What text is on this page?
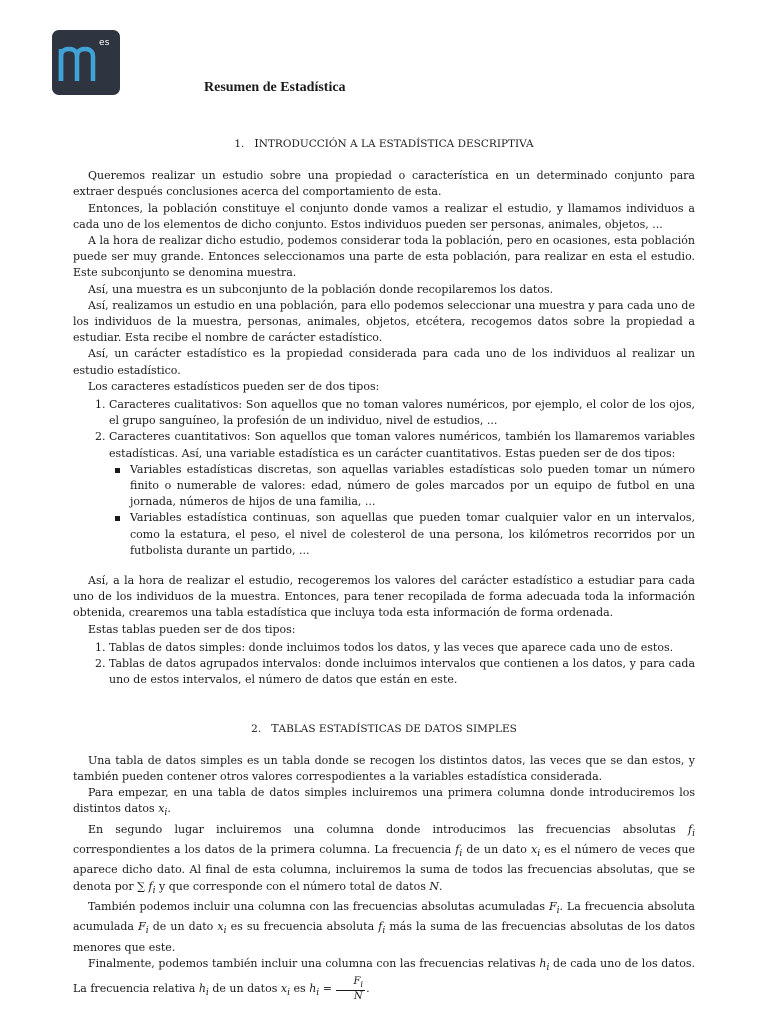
es
Resumen de Estadística
1. INTRODUCCIÓN A LA ESTADÍSTICA DESCRIPTIVA

Queremos realizar un estudio sobre una propiedad o característica en un determinado conjunto para extraer después conclusiones acerca del comportamiento de esta.

Entonces, la población constituye el conjunto donde vamos a realizar el estudio, y llamamos individuos a cada uno de los elementos de dicho conjunto. Estos individuos pueden ser personas, animales, objetos, ...

A la hora de realizar dicho estudio, podemos considerar toda la población, pero en ocasiones, esta población puede ser muy grande. Entonces seleccionamos una parte de esta población, para realizar en esta el estudio. Este subconjunto se denomina muestra.

Así, una muestra es un subconjunto de la población donde recopilaremos los datos.

Así, realizamos un estudio en una población, para ello podemos seleccionar una muestra y para cada uno de los individuos de la muestra, personas, animales, objetos, etcétera, recogemos datos sobre la propiedad a estudiar. Esta recibe el nombre de carácter estadístico.

Así, un carácter estadístico es la propiedad considerada para cada uno de los individuos al realizar un estudio estadístico.

Los caracteres estadísticos pueden ser de dos tipos:

1. Caracteres cualitativos: Son aquellos que no toman valores numéricos, por ejemplo, el color de los ojos, el grupo sanguíneo, la profesión de un individuo, nivel de estudios, ...
2. Caracteres cuantitativos: Son aquellos que toman valores numéricos, también los llamaremos variables estadísticas. Así, una variable estadística es un carácter cuantitativos. Estas pueden ser de dos tipos:
Variables estadísticas discretas, son aquellas variables estadísticas solo pueden tomar un número finito o numerable de valores: edad, número de goles marcados por un equipo de futbol en una jornada, números de hijos de una familia, ...
Variables estadística continuas, son aquellas que pueden tomar cualquier valor en un intervalos, como la estatura, el peso, el nivel de colesterol de una persona, los kilómetros recorridos por un futbolista durante un partido, ...

Así, a la hora de realizar el estudio, recogeremos los valores del carácter estadístico a estudiar para cada uno de los individuos de la muestra. Entonces, para tener recopilada de forma adecuada toda la información obtenida, crearemos una tabla estadística que incluya toda esta información de forma ordenada.

Estas tablas pueden ser de dos tipos:

1. Tablas de datos simples: donde incluimos todos los datos, y las veces que aparece cada uno de estos.
2. Tablas de datos agrupados intervalos: donde incluimos intervalos que contienen a los datos, y para cada uno de estos intervalos, el número de datos que están en este.
2. TABLAS ESTADÍSTICAS DE DATOS SIMPLES

Una tabla de datos simples es un tabla donde se recogen los distintos datos, las veces que se dan estos, y también pueden contener otros valores correspodientes a la variables estadística considerada.

Para empezar, en una tabla de datos simples incluiremos una primera columna donde introduciremos los distintos datos $x_i$.

En segundo lugar incluiremos una columna donde introducimos las frecuencias absolutas $f_i$ correspondientes a los datos de la primera columna. La frecuencia $f_i$ de un dato $x_i$ es el número de veces que aparece dicho dato. Al final de esta columna, incluiremos la suma de todos las frecuencias absolutas, que se denota por ∑ $f_i$ y que corresponde con el número total de datos N.

También podemos incluir una columna con las frecuencias absolutas acumuladas $F_i$. La frecuencia absoluta acumulada $F_i$ de un dato $x_i$ es su frecuencia absoluta $f_i$ más la suma de las frecuencias absolutas de los datos menores que este.

Finalmente, podemos también incluir una columna con las frecuencias relativas $h_i$ de cada uno de los datos. La frecuencia relativa $h_i$ de un datos $x_i$ es $h_i = \frac{F_i}{N}$ .
